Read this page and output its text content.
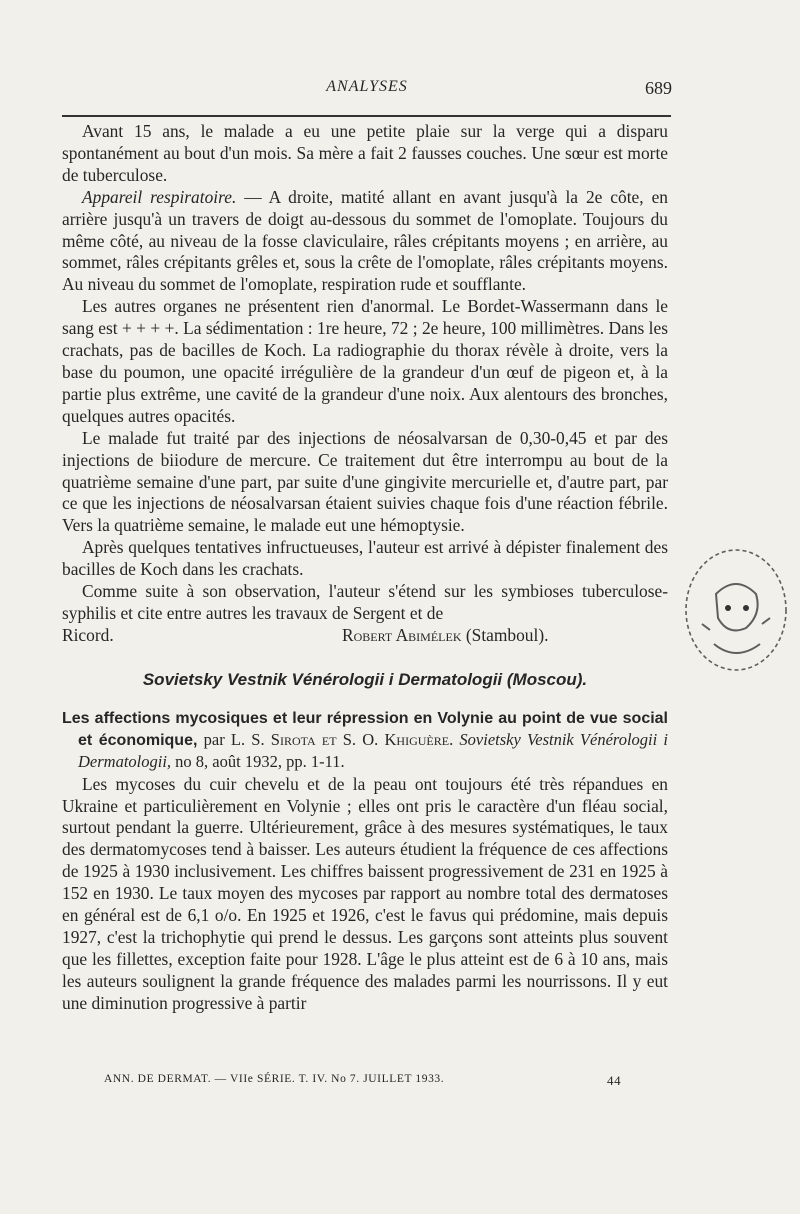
ANALYSES	689

Avant 15 ans, le malade a eu une petite plaie sur la verge qui a disparu spontanément au bout d'un mois. Sa mère a fait 2 fausses couches. Une sœur est morte de tuberculose.

Appareil respiratoire. — A droite, matité allant en avant jusqu'à la 2e côte, en arrière jusqu'à un travers de doigt au-dessous du sommet de l'omoplate. Toujours du même côté, au niveau de la fosse claviculaire, râles crépitants moyens ; en arrière, au sommet, râles crépitants grêles et, sous la crête de l'omoplate, râles crépitants moyens. Au niveau du sommet de l'omoplate, respiration rude et soufflante.

Les autres organes ne présentent rien d'anormal. Le Bordet-Wassermann dans le sang est + + + +. La sédimentation : 1re heure, 72 ; 2e heure, 100 millimètres. Dans les crachats, pas de bacilles de Koch. La radiographie du thorax révèle à droite, vers la base du poumon, une opacité irrégulière de la grandeur d'un œuf de pigeon et, à la partie plus extrême, une cavité de la grandeur d'une noix. Aux alentours des bronches, quelques autres opacités.

Le malade fut traité par des injections de néosalvarsan de 0,30-0,45 et par des injections de biiodure de mercure. Ce traitement dut être interrompu au bout de la quatrième semaine d'une part, par suite d'une gingivite mercurielle et, d'autre part, par ce que les injections de néosalvarsan étaient suivies chaque fois d'une réaction fébrile. Vers la quatrième semaine, le malade eut une hémoptysie.

Après quelques tentatives infructueuses, l'auteur est arrivé à dépister finalement des bacilles de Koch dans les crachats.

Comme suite à son observation, l'auteur s'étend sur les symbioses tuberculose-syphilis et cite entre autres les travaux de Sergent et de

Ricord.	Robert Abimélek (Stamboul).
Sovietsky Vestnik Vénérologii i Dermatologii (Moscou).
Les affections mycosiques et leur répression en Volynie au point de vue social et économique, par L. S. Sirota et S. O. Khiguère. Sovietsky Vestnik Vénérologii i Dermatologii, no 8, août 1932, pp. 1-11.

Les mycoses du cuir chevelu et de la peau ont toujours été très répandues en Ukraine et particulièrement en Volynie ; elles ont pris le caractère d'un fléau social, surtout pendant la guerre. Ultérieurement, grâce à des mesures systématiques, le taux des dermatomycoses tend à baisser. Les auteurs étudient la fréquence de ces affections de 1925 à 1930 inclusivement. Les chiffres baissent progressivement de 231 en 1925 à 152 en 1930. Le taux moyen des mycoses par rapport au nombre total des dermatoses en général est de 6,1 o/o. En 1925 et 1926, c'est le favus qui prédomine, mais depuis 1927, c'est la trichophytie qui prend le dessus. Les garçons sont atteints plus souvent que les fillettes, exception faite pour 1928. L'âge le plus atteint est de 6 à 10 ans, mais les auteurs soulignent la grande fréquence des malades parmi les nourrissons. Il y eut une diminution progressive à partir

ANN. DE DERMAT. — VIIe SÉRIE. T. IV. No 7. JUILLET 1933.	44
